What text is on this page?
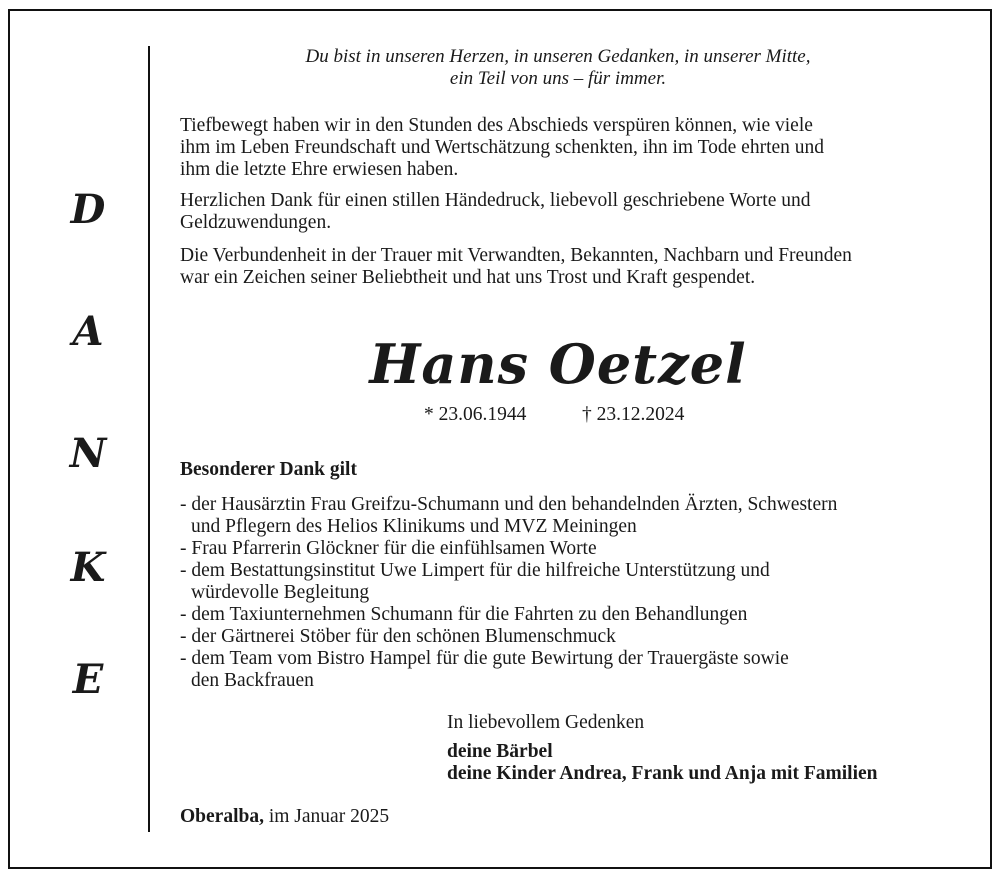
D
A
N
K
E
Du bist in unseren Herzen, in unseren Gedanken, in unserer Mitte,
ein Teil von uns – für immer.
Tiefbewegt haben wir in den Stunden des Abschieds verspüren können, wie viele
ihm im Leben Freundschaft und Wertschätzung schenkten, ihn im Tode ehrten und
ihm die letzte Ehre erwiesen haben.
Herzlichen Dank für einen stillen Händedruck, liebevoll geschriebene Worte und
Geldzuwendungen.
Die Verbundenheit in der Trauer mit Verwandten, Bekannten, Nachbarn und Freunden
war ein Zeichen seiner Beliebtheit und hat uns Trost und Kraft gespendet.
Hans Oetzel
* 23.06.1944	† 23.12.2024
Besonderer Dank gilt
- der Hausärztin Frau Greifzu-Schumann und den behandelnden Ärzten, Schwestern
und Pflegern des Helios Klinikums und MVZ Meiningen
- Frau Pfarrerin Glöckner für die einfühlsamen Worte
- dem Bestattungsinstitut Uwe Limpert für die hilfreiche Unterstützung und
würdevolle Begleitung
- dem Taxiunternehmen Schumann für die Fahrten zu den Behandlungen
- der Gärtnerei Stöber für den schönen Blumenschmuck
- dem Team vom Bistro Hampel für die gute Bewirtung der Trauergäste sowie
den Backfrauen
In liebevollem Gedenken
deine Bärbel
deine Kinder Andrea, Frank und Anja mit Familien
Oberalba, im Januar 2025
